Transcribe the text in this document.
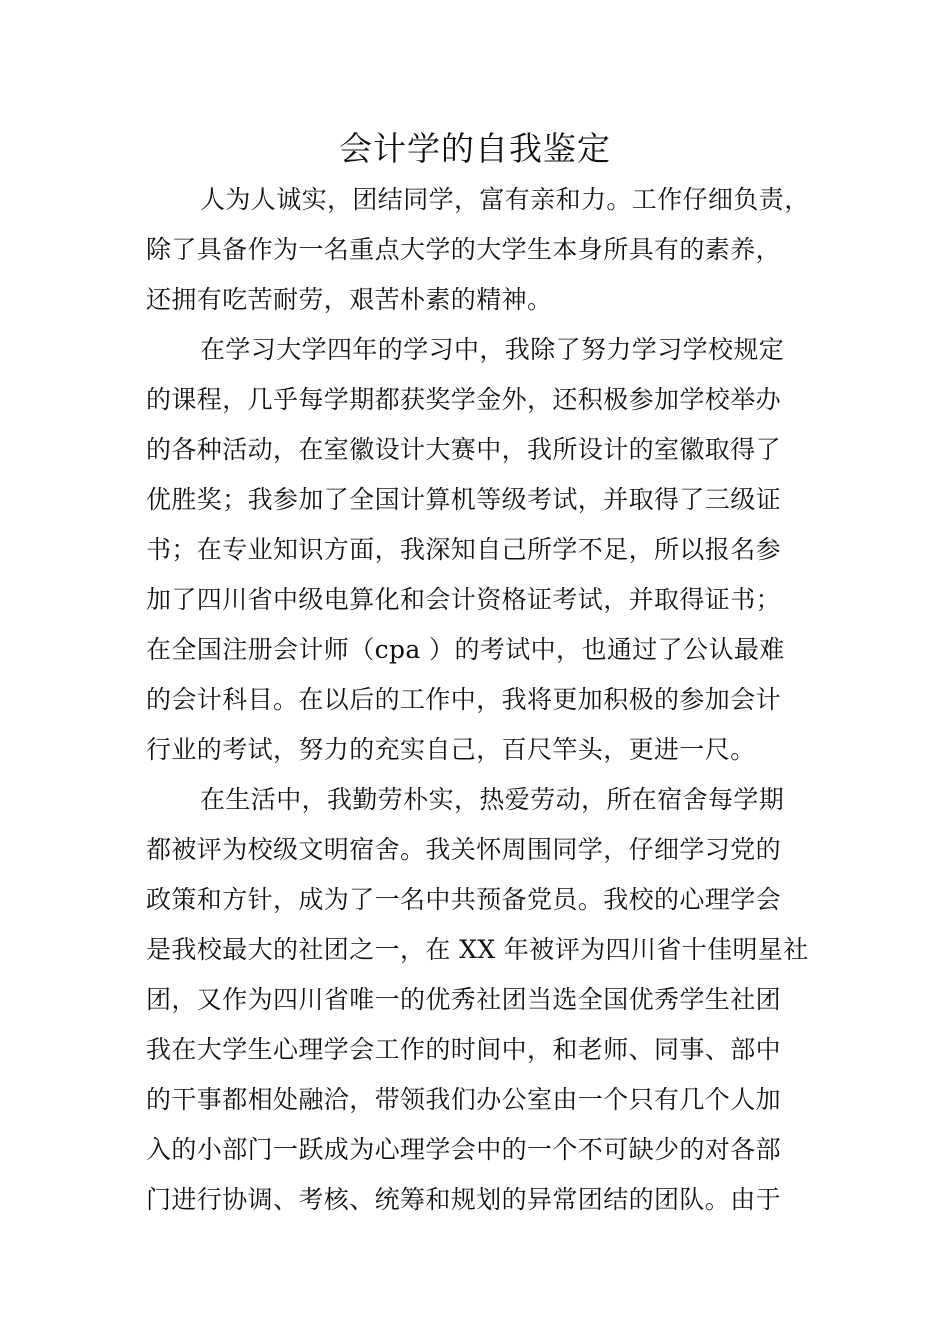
会计学的自我鉴定

人为人诚实，团结同学，富有亲和力。工作仔细负责，
除了具备作为一名重点大学的大学生本身所具有的素养，
还拥有吃苦耐劳，艰苦朴素的精神。

在学习大学四年的学习中，我除了努力学习学校规定
的课程，几乎每学期都获奖学金外，还积极参加学校举办
的各种活动，在室徽设计大赛中，我所设计的室徽取得了
优胜奖；我参加了全国计算机等级考试，并取得了三级证
书；在专业知识方面，我深知自己所学不足，所以报名参
加了四川省中级电算化和会计资格证考试，并取得证书；
在全国注册会计师（cpa ）的考试中，也通过了公认最难
的会计科目。在以后的工作中，我将更加积极的参加会计
行业的考试，努力的充实自己，百尺竿头，更进一尺。

在生活中，我勤劳朴实，热爱劳动，所在宿舍每学期
都被评为校级文明宿舍。我关怀周围同学，仔细学习党的
政策和方针，成为了一名中共预备党员。我校的心理学会
是我校最大的社团之一，在 XX 年被评为四川省十佳明星社
团，又作为四川省唯一的优秀社团当选全国优秀学生社团
我在大学生心理学会工作的时间中，和老师、同事、部中
的干事都相处融洽，带领我们办公室由一个只有几个人加
入的小部门一跃成为心理学会中的一个不可缺少的对各部
门进行协调、考核、统筹和规划的异常团结的团队。由于
